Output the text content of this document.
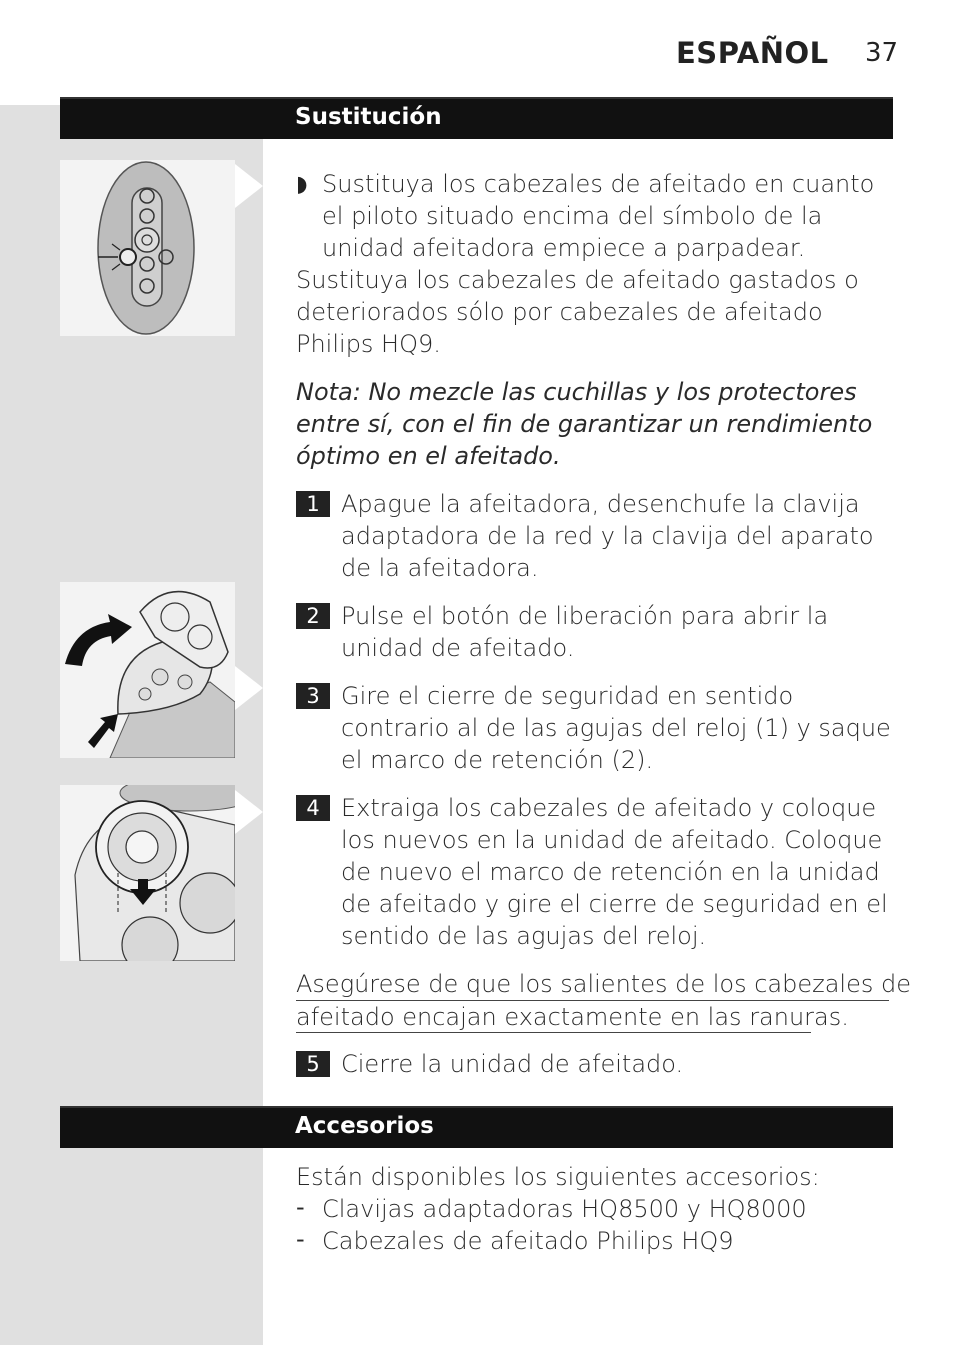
ESPAÑOL 37
Sustitución
◗ Sustituya los cabezales de afeitado en cuanto el piloto situado encima del símbolo de la unidad afeitadora empiece a parpadear.
Sustituya los cabezales de afeitado gastados o deteriorados sólo por cabezales de afeitado Philips HQ9.
Nota: No mezcle las cuchillas y los protectores entre sí, con el fin de garantizar un rendimiento óptimo en el afeitado.
1 Apague la afeitadora, desenchufe la clavija adaptadora de la red y la clavija del aparato de la afeitadora.
2 Pulse el botón de liberación para abrir la unidad de afeitado.
3 Gire el cierre de seguridad en sentido contrario al de las agujas del reloj (1) y saque el marco de retención (2).
4 Extraiga los cabezales de afeitado y coloque los nuevos en la unidad de afeitado. Coloque de nuevo el marco de retención en la unidad de afeitado y gire el cierre de seguridad en el sentido de las agujas del reloj.
Asegúrese de que los salientes de los cabezales de
afeitado encajan exactamente en las ranuras.
5 Cierre la unidad de afeitado.
Accesorios
Están disponibles los siguientes accesorios:
- Clavijas adaptadoras HQ8500 y HQ8000
- Cabezales de afeitado Philips HQ9
